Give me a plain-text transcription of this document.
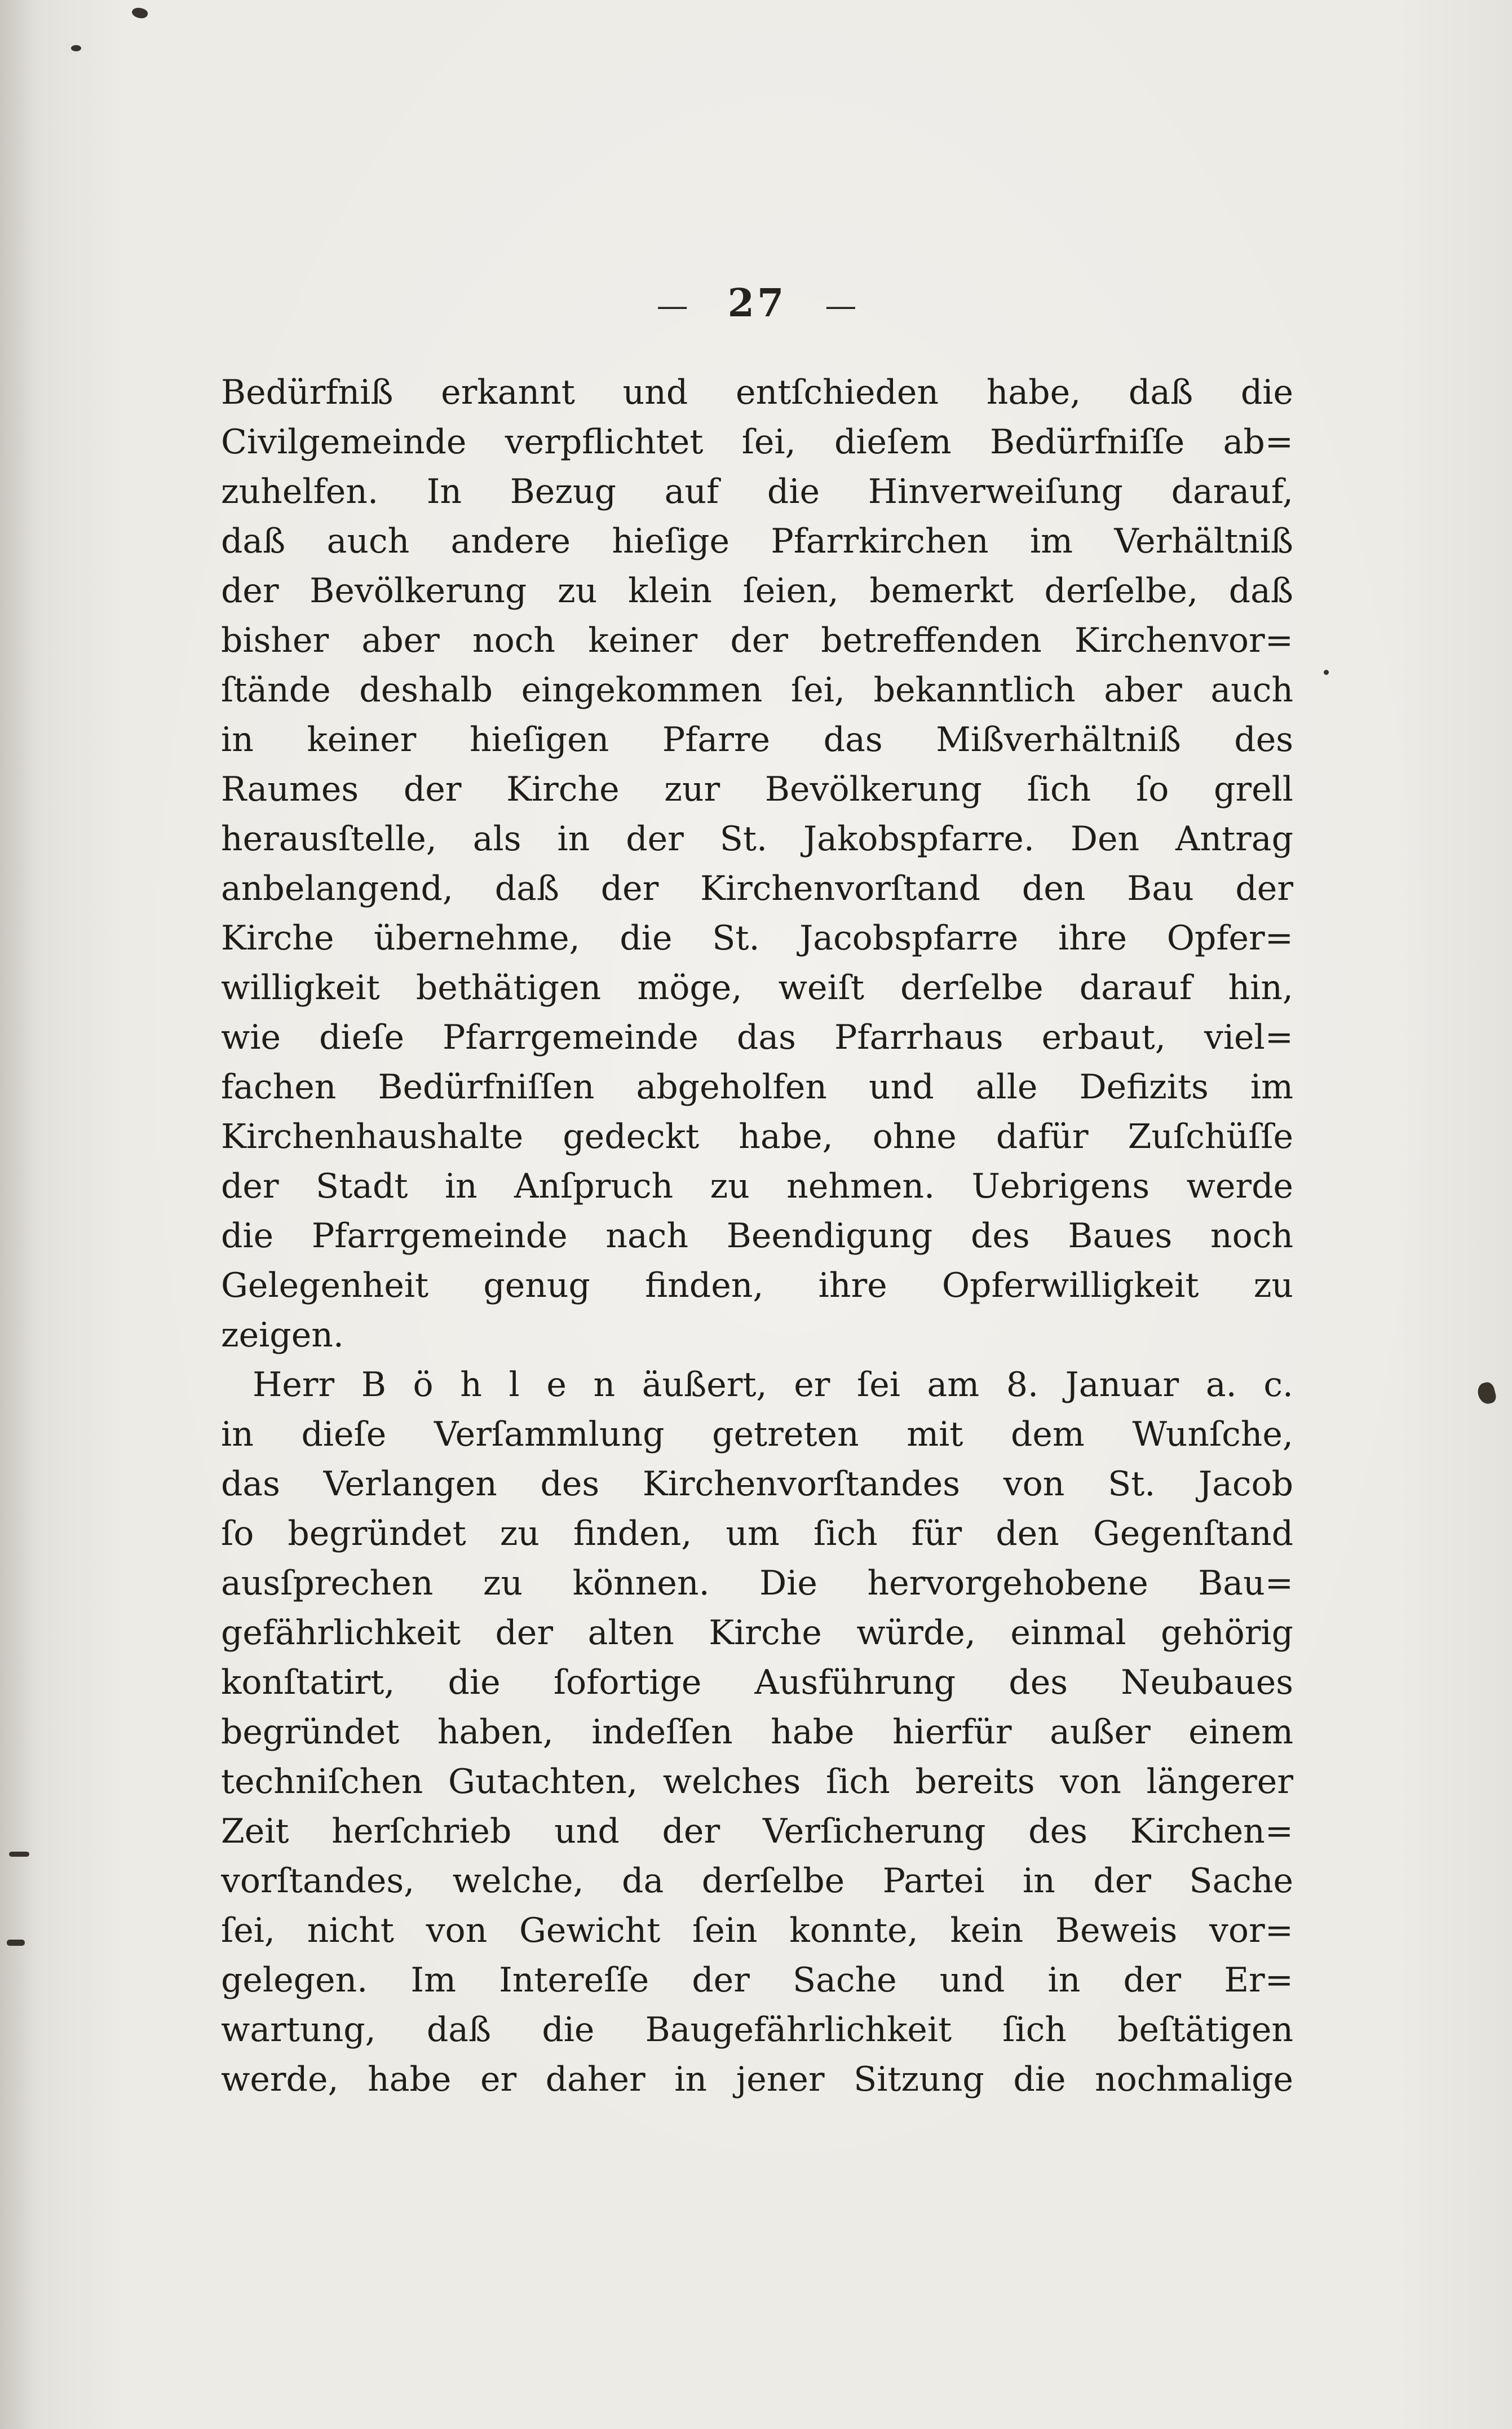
— 27 —
Bedürfniß erkannt und entſchieden habe, daß die
Civilgemeinde verpflichtet ſei, dieſem Bedürfniſſe ab=
zuhelfen. In Bezug auf die Hinverweiſung darauf,
daß auch andere hieſige Pfarrkirchen im Verhältniß
der Bevölkerung zu klein ſeien, bemerkt derſelbe, daß
bisher aber noch keiner der betreffenden Kirchenvor=
ſtände deshalb eingekommen ſei, bekanntlich aber auch
in keiner hieſigen Pfarre das Mißverhältniß des
Raumes der Kirche zur Bevölkerung ſich ſo grell
herausſtelle, als in der St. Jakobspfarre. Den Antrag
anbelangend, daß der Kirchenvorſtand den Bau der
Kirche übernehme, die St. Jacobspfarre ihre Opfer=
willigkeit bethätigen möge, weiſt derſelbe darauf hin,
wie dieſe Pfarrgemeinde das Pfarrhaus erbaut, viel=
fachen Bedürfniſſen abgeholfen und alle Defizits im
Kirchenhaushalte gedeckt habe, ohne dafür Zuſchüſſe
der Stadt in Anſpruch zu nehmen. Uebrigens werde
die Pfarrgemeinde nach Beendigung des Baues noch
Gelegenheit genug finden, ihre Opferwilligkeit zu
zeigen.
Herr B ö h l e n äußert, er ſei am 8. Januar a. c.
in dieſe Verſammlung getreten mit dem Wunſche,
das Verlangen des Kirchenvorſtandes von St. Jacob
ſo begründet zu finden, um ſich für den Gegenſtand
ausſprechen zu können. Die hervorgehobene Bau=
gefährlichkeit der alten Kirche würde, einmal gehörig
konſtatirt, die ſofortige Ausführung des Neubaues
begründet haben, indeſſen habe hierfür außer einem
techniſchen Gutachten, welches ſich bereits von längerer
Zeit herſchrieb und der Verſicherung des Kirchen=
vorſtandes, welche, da derſelbe Partei in der Sache
ſei, nicht von Gewicht ſein konnte, kein Beweis vor=
gelegen. Im Intereſſe der Sache und in der Er=
wartung, daß die Baugefährlichkeit ſich beſtätigen
werde, habe er daher in jener Sitzung die nochmalige
